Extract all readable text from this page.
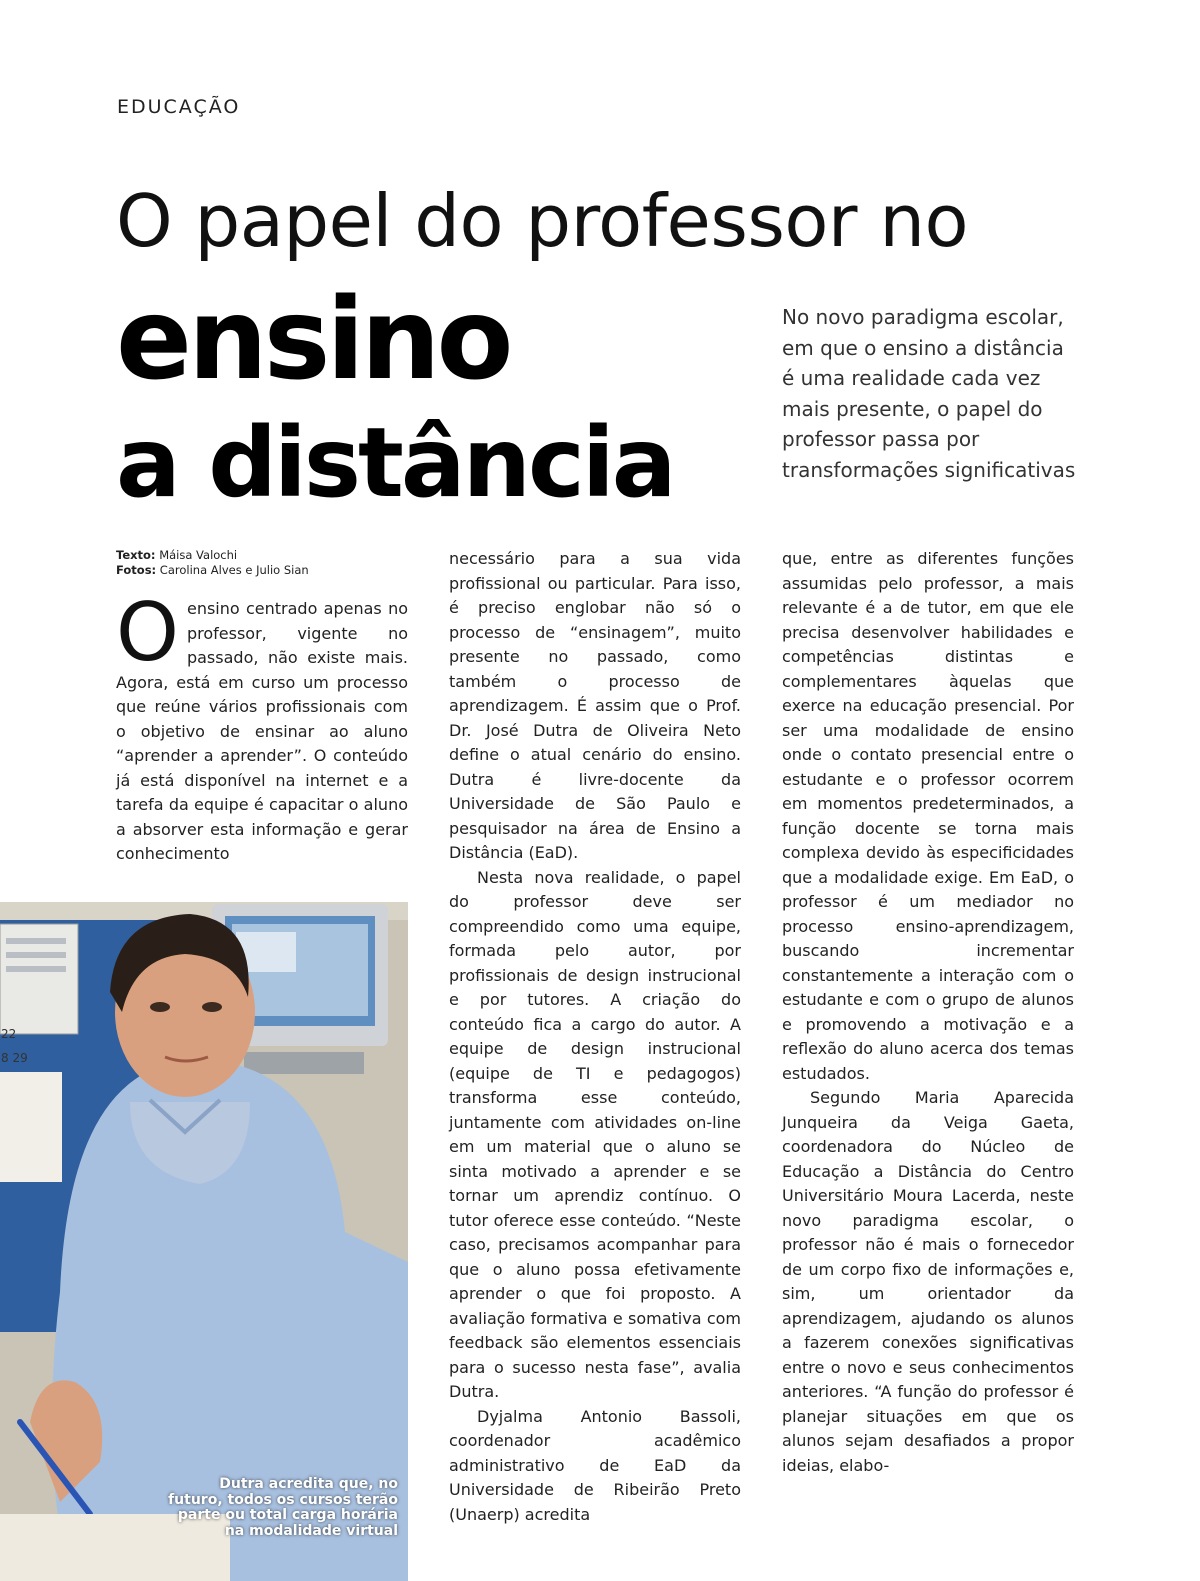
EDUCAÇÃO
O papel do professor no
ensino
a distância
No novo paradigma escolar, em que o ensino a distância é uma realidade cada vez mais presente, o papel do professor passa por transformações significativas
Texto: Máisa Valochi
Fotos: Carolina Alves e Julio Sian

Oensino centrado apenas no professor, vigente no passado, não existe mais. Agora, está em curso um processo que reúne vários profissionais com o objetivo de ensinar ao aluno “aprender a aprender”. O conteúdo já está disponível na internet e a tarefa da equipe é capacitar o aluno a absorver esta informação e gerar conhecimento

necessário para a sua vida profissional ou particular. Para isso, é preciso englobar não só o processo de “ensinagem”, muito presente no passado, como também o processo de aprendizagem. É assim que o Prof. Dr. José Dutra de Oliveira Neto define o atual cenário do ensino. Dutra é livre-docente da Universidade de São Paulo e pesquisador na área de Ensino a Distância (EaD).

Nesta nova realidade, o papel do professor deve ser compreendido como uma equipe, formada pelo autor, por profissionais de design instrucional e por tutores. A criação do conteúdo fica a cargo do autor. A equipe de design instrucional (equipe de TI e pedagogos) transforma esse conteúdo, juntamente com atividades on-line em um material que o aluno se sinta motivado a aprender e se tornar um aprendiz contínuo. O tutor oferece esse conteúdo. “Neste caso, precisamos acompanhar para que o aluno possa efetivamente aprender o que foi proposto. A avaliação formativa e somativa com feedback são elementos essenciais para o sucesso nesta fase”, avalia Dutra.

Dyjalma Antonio Bassoli, coordenador acadêmico administrativo de EaD da Universidade de Ribeirão Preto (Unaerp) acredita

que, entre as diferentes funções assumidas pelo professor, a mais relevante é a de tutor, em que ele precisa desenvolver habilidades e competências distintas e complementares àquelas que exerce na educação presencial. Por ser uma modalidade de ensino onde o contato presencial entre o estudante e o professor ocorrem em momentos predeterminados, a função docente se torna mais complexa devido às especificidades que a modalidade exige. Em EaD, o professor é um mediador no processo ensino-aprendizagem, buscando incrementar constantemente a interação com o estudante e com o grupo de alunos e promovendo a motivação e a reflexão do aluno acerca dos temas estudados.

Segundo Maria Aparecida Junqueira da Veiga Gaeta, coordenadora do Núcleo de Educação a Distância do Centro Universitário Moura Lacerda, neste novo paradigma escolar, o professor não é mais o fornecedor de um corpo fixo de informações e, sim, um orientador da aprendizagem, ajudando os alunos a fazerem conexões significativas entre o novo e seus conhecimentos anteriores. “A função do professor é planejar situações em que os alunos sejam desafiados a propor ideias, elabo-

22
8 29
Dutra acredita que, no futuro, todos os cursos terão parte ou total carga horária na modalidade virtual
